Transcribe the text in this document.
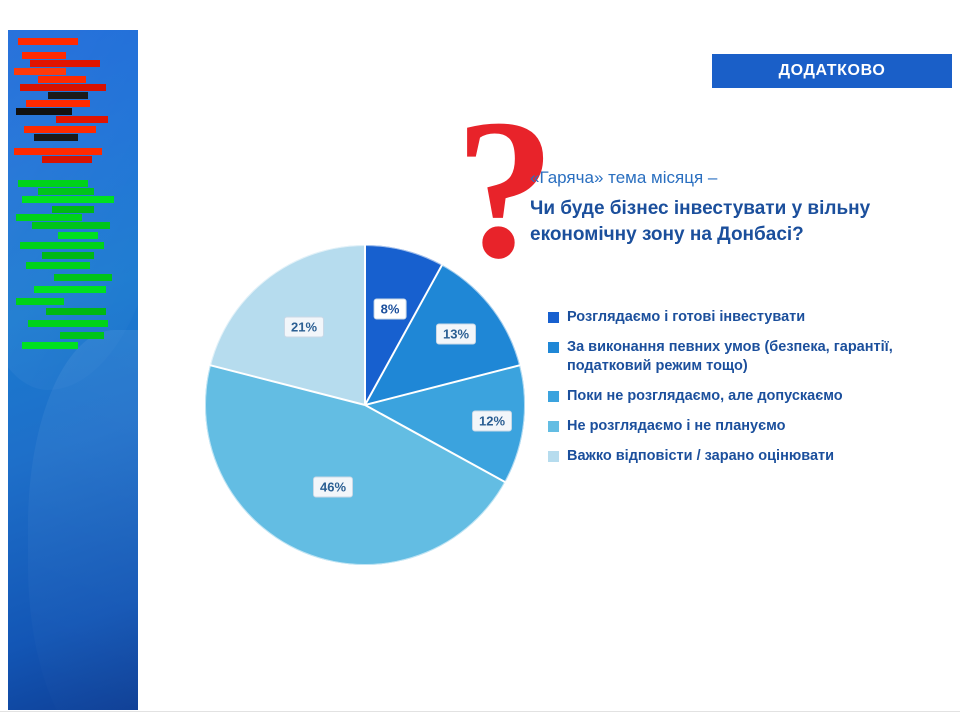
ДОДАТКОВО
?
«Гаряча» тема місяця –
Чи буде бізнес інвестувати у вільну економічну зону на Донбасі?
8%
13%
12%
46%
21%
Розглядаємо і готові інвестувати
За виконання певних умов (безпека, гарантії, податковий режим тощо)
Поки не розглядаємо, але допускаємо
Не розглядаємо і не плануємо
Важко відповісти / зарано оцінювати
